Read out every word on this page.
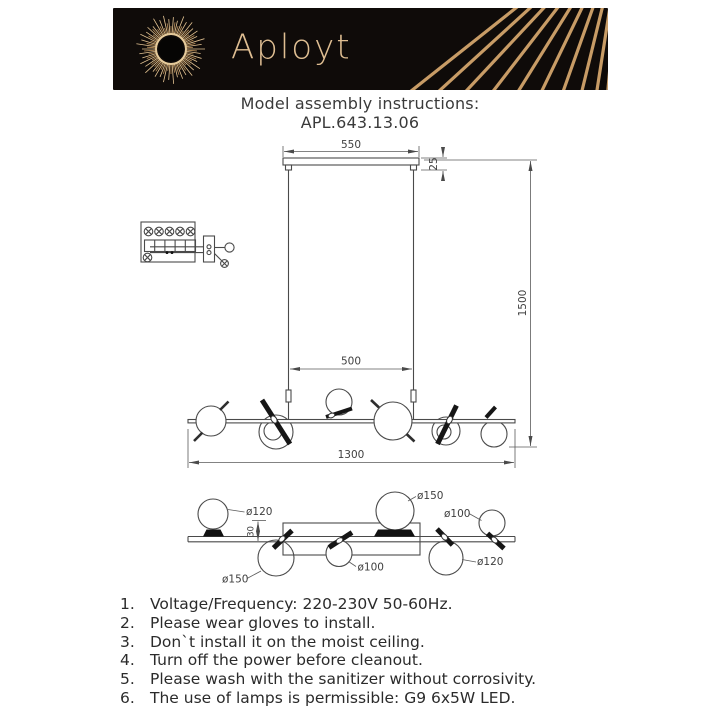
Aployt
Model assembly instructions:
APL.643.13.06
550
25
500
1500
1300
30
ø120
ø150
ø100
ø150
ø100
ø120
1. Voltage/Frequency: 220-230V 50-60Hz.
2. Please wear gloves to install.
3. Don`t install it on the moist ceiling.
4. Turn off the power before cleanout.
5. Please wash with the sanitizer without corrosivity.
6. The use of lamps is permissible: G9 6x5W LED.
